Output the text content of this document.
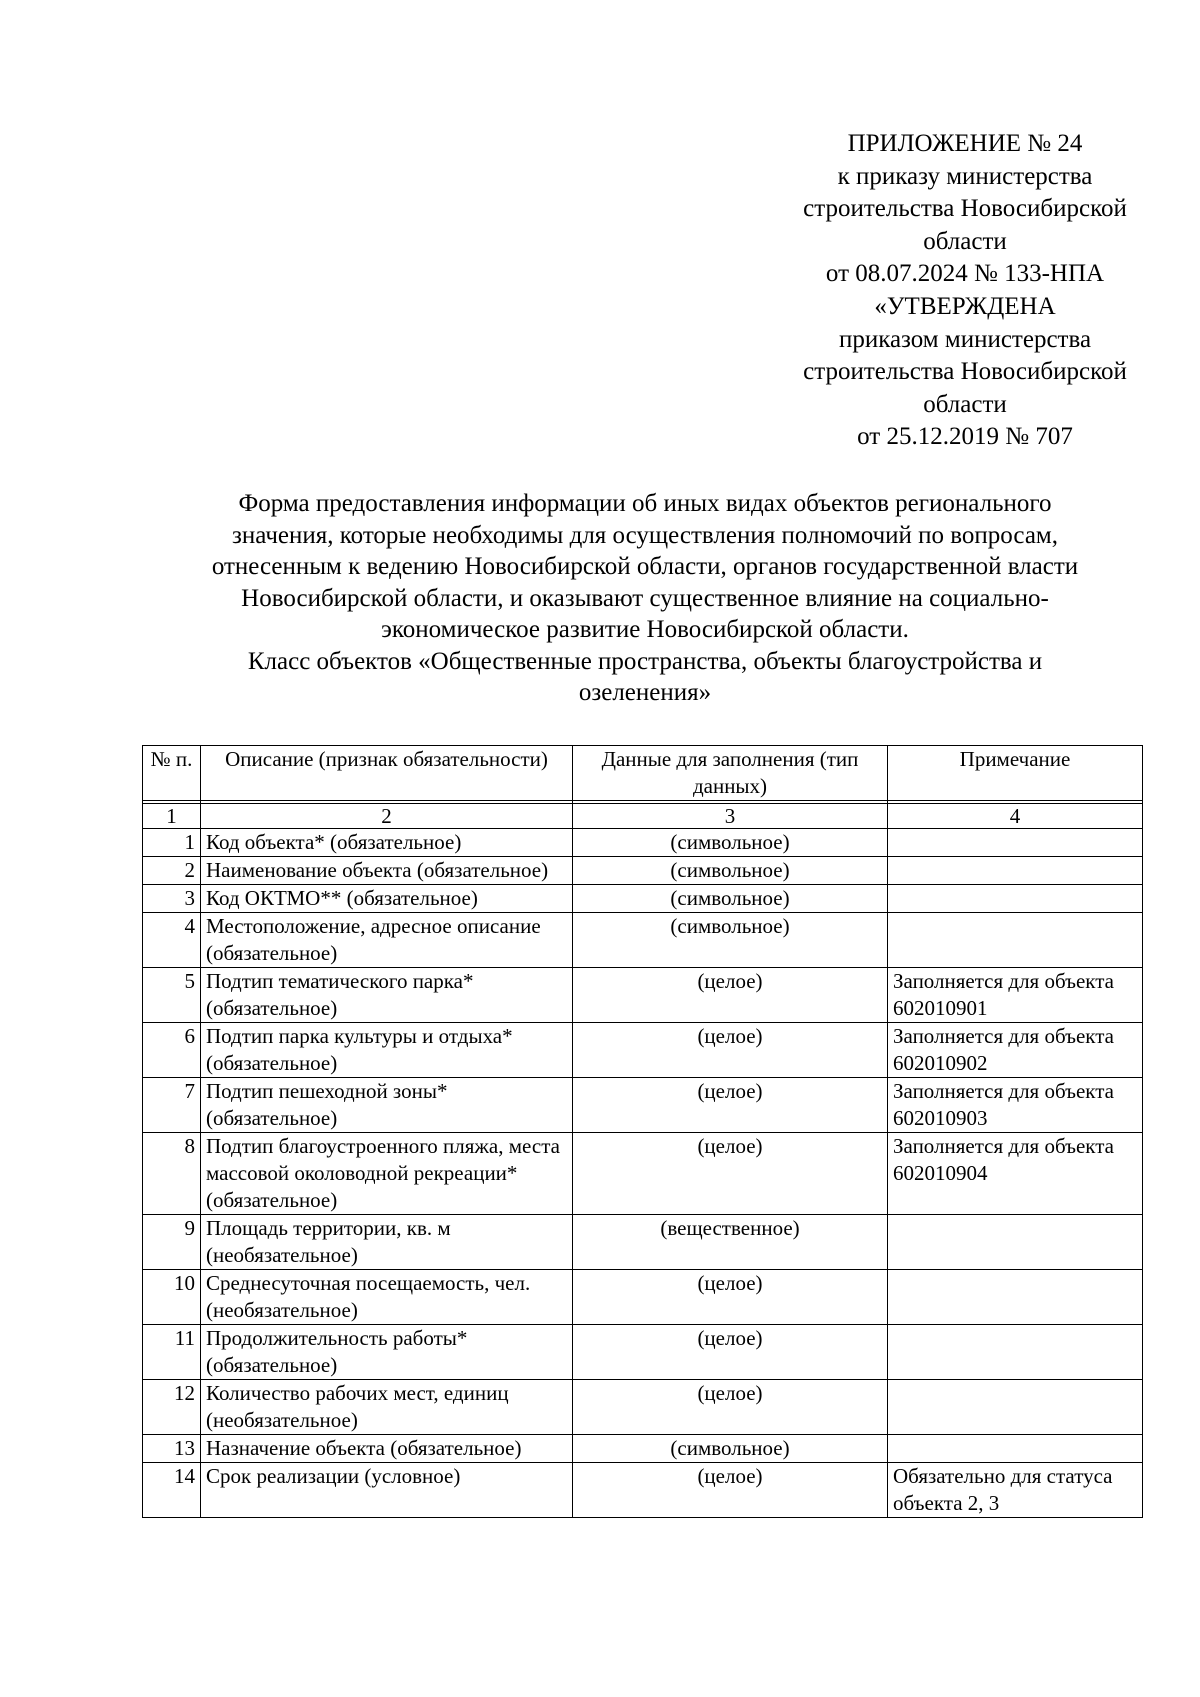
ПРИЛОЖЕНИЕ № 24
к приказу министерства
строительства Новосибирской
области
от 08.07.2024 № 133-НПА
«УТВЕРЖДЕНА
приказом министерства
строительства Новосибирской
области
от 25.12.2019 № 707
Форма предоставления информации об иных видах объектов регионального
значения, которые необходимы для осуществления полномочий по вопросам,
отнесенным к ведению Новосибирской области, органов государственной власти
Новосибирской области, и оказывают существенное влияние на социально-
экономическое развитие Новосибирской области.
Класс объектов «Общественные пространства, объекты благоустройства и
озеленения»
№ п.	Описание (признак обязательности)	Данные для заполнения (тип данных)	Примечание

1	2	3	4
1	Код объекта* (обязательное)	(символьное)	
2	Наименование объекта (обязательное)	(символьное)	
3	Код ОКТМО** (обязательное)	(символьное)	
4	Местоположение, адресное описание (обязательное)	(символьное)	
5	Подтип тематического парка* (обязательное)	(целое)	Заполняется для объекта 602010901
6	Подтип парка культуры и отдыха* (обязательное)	(целое)	Заполняется для объекта 602010902
7	Подтип пешеходной зоны* (обязательное)	(целое)	Заполняется для объекта 602010903
8	Подтип благоустроенного пляжа, места массовой околоводной рекреации* (обязательное)	(целое)	Заполняется для объекта 602010904
9	Площадь территории, кв. м (необязательное)	(вещественное)	
10	Среднесуточная посещаемость, чел. (необязательное)	(целое)	
11	Продолжительность работы* (обязательное)	(целое)	
12	Количество рабочих мест, единиц (необязательное)	(целое)	
13	Назначение объекта (обязательное)	(символьное)	
14	Срок реализации (условное)	(целое)	Обязательно для статуса объекта 2, 3
